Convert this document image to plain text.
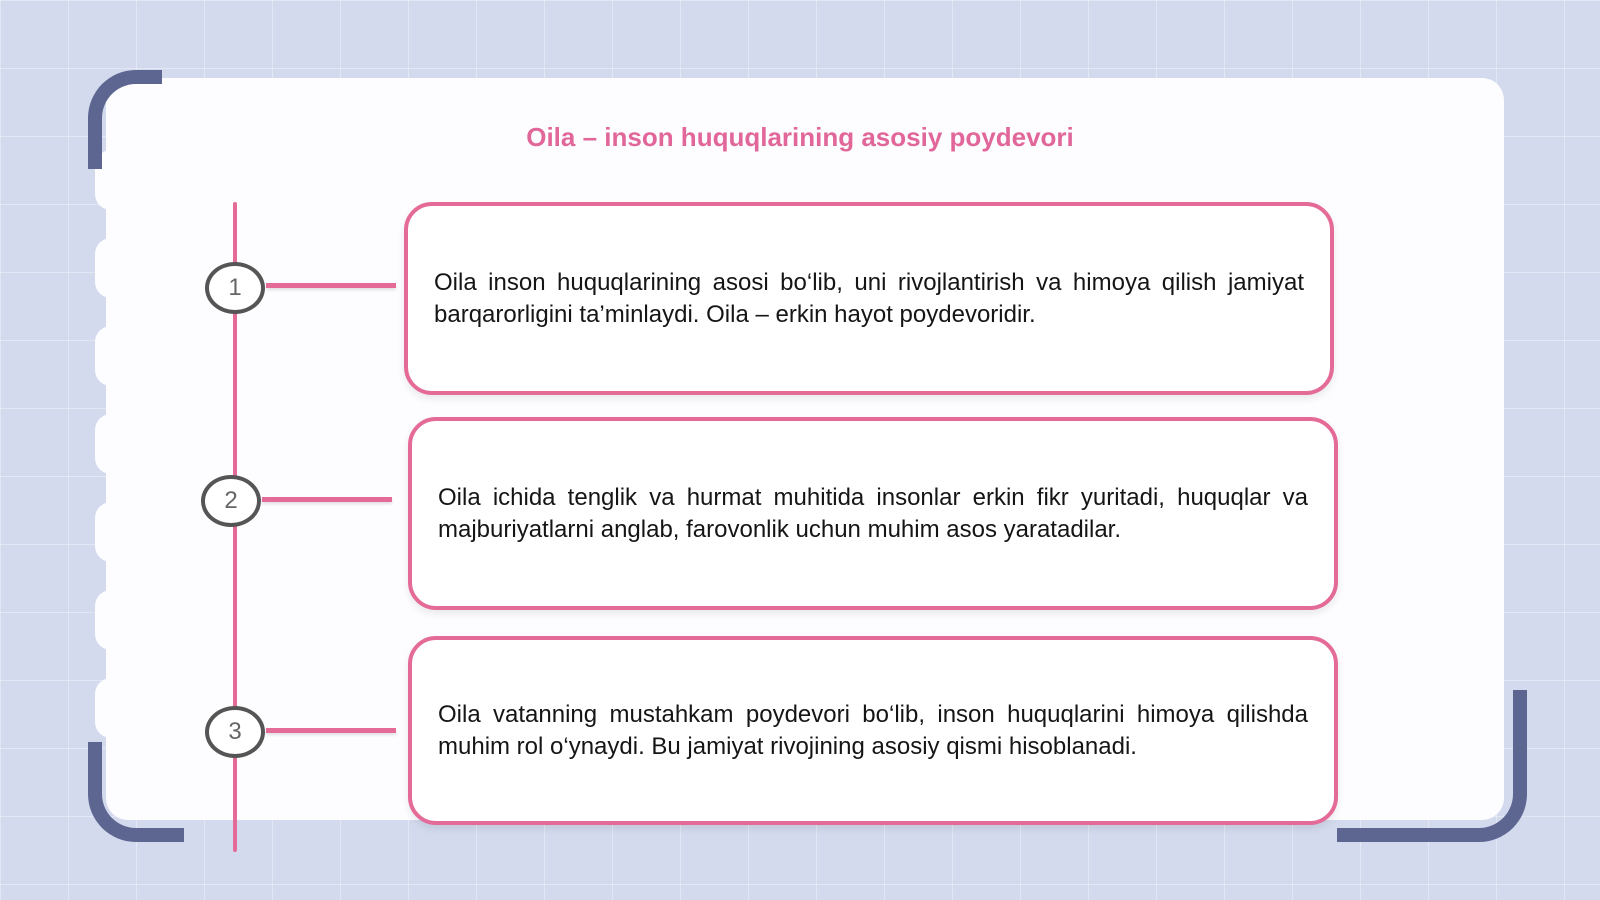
Oila – inson huquqlarining asosiy poydevori
1
2
3

Oila inson huquqlarining asosi bo‘lib, uni rivojlantirish va himoya qilish jamiyat barqarorligini ta’minlaydi. Oila – erkin hayot poydevoridir.

Oila ichida tenglik va hurmat muhitida insonlar erkin fikr yuritadi, huquqlar va majburiyatlarni anglab, farovonlik uchun muhim asos yaratadilar.

Oila vatanning mustahkam poydevori bo‘lib, inson huquqlarini himoya qilishda muhim rol o‘ynaydi. Bu jamiyat rivojining asosiy qismi hisoblanadi.
